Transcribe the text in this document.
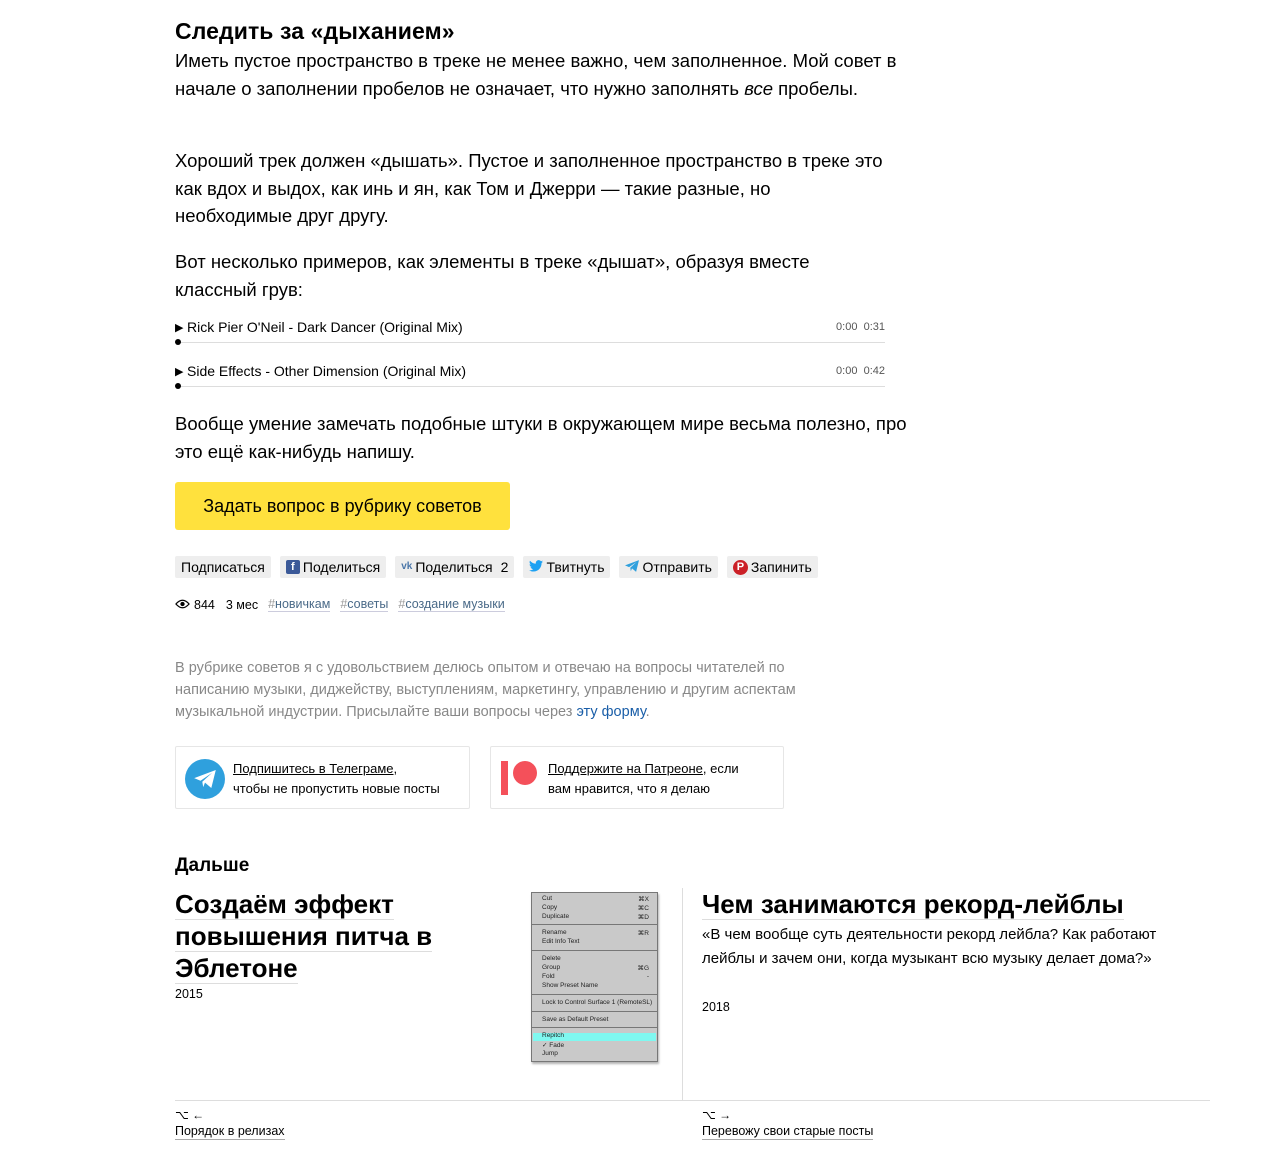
Следить за «дыханием»

Иметь пустое пространство в треке не менее важно, чем заполненное. Мой совет в начале о заполнении пробелов не означает, что нужно заполнять все пробелы.

Хороший трек должен «дышать». Пустое и заполненное пространство в треке это как вдох и выдох, как инь и ян, как Том и Джерри — такие разные, но необходимые друг другу.

Вот несколько примеров, как элементы в треке «дышат», образуя вместе классный грув:

▶ Rick Pier O'Neil - Dark Dancer (Original Mix)	0:00 0:31
▶ Side Effects - Other Dimension (Original Mix)	0:00 0:42

Вообще умение замечать подобные штуки в окружающем мире весьма полезно, про это ещё как-нибудь напишу.

Задать вопрос в рубрику советов
Подписаться	f Поделиться vk Поделиться 2	Твитнуть	Отправить	P Запинить
844 3 мес #новичкам #советы #создание музыки
В рубрике советов я с удовольствием делюсь опытом и отвечаю на вопросы читателей по написанию музыки, диджейству, выступлениям, маркетингу, управлению и другим аспектам музыкальной индустрии. Присылайте ваши вопросы через эту форму.
Подпишитесь в Телеграме,
чтобы не пропустить новые посты
Поддержите на Патреоне, если
вам нравится, что я делаю
Дальше
Создаём эффект повышения питча в Эблетоне
2015
Cut	⌘X
Copy	⌘C
Duplicate	⌘D
Rename	⌘R
Edit Info Text
Delete
Group	⌘G
Fold	-
Show Preset Name
Lock to Control Surface 1 (RemoteSL)
Save as Default Preset
Repitch
✓ Fade
Jump
Чем занимаются рекорд-лейблы

«В чем вообще суть деятельности рекорд лейбла? Как работают лейблы и зачем они, когда музыкант всю музыку делает дома?»

2018
⌥ ←
Порядок в релизах
⌥ →
Перевожу свои старые посты
